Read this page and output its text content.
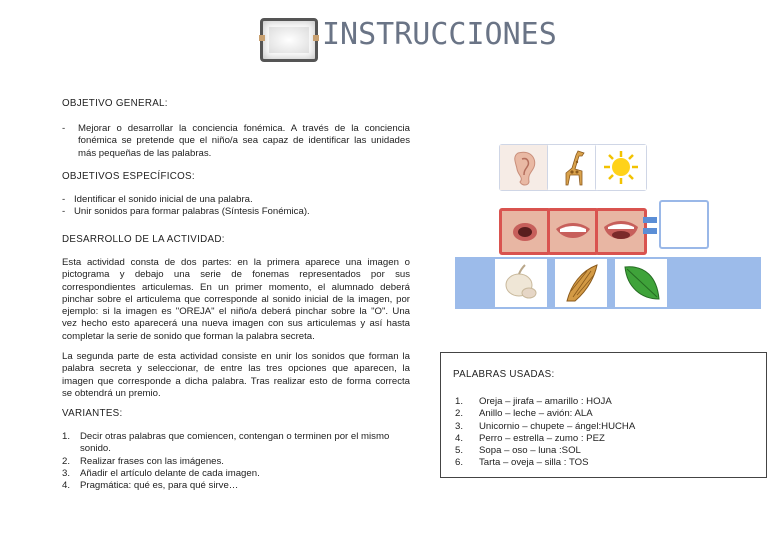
INSTRUCCIONES
OBJETIVO GENERAL:
- Mejorar o desarrollar la conciencia fonémica. A través de la conciencia
fonémica se pretende que el niño/a sea capaz de identificar las unidades
más pequeñas de las palabras.
OBJETIVOS ESPECÍFICOS:
- Identificar el sonido inicial de una palabra.
- Unir sonidos para formar palabras (Síntesis Fonémica).
DESARROLLO DE LA ACTIVIDAD:
Esta actividad consta de dos partes: en la primera aparece una imagen o
pictograma y debajo una serie de fonemas representados por sus
correspondientes articulemas. En un primer momento, el alumnado deberá
pinchar sobre el articulema que corresponde al sonido inicial de la imagen, por
ejemplo: si la imagen es "OREJA" el niño/a deberá pinchar sobre la "O". Una
vez hecho esto aparecerá una nueva imagen con sus articulemas y así hasta
completar la serie de sonido que forman la palabra secreta.
La segunda parte de esta actividad consiste en unir los sonidos que forman la
palabra secreta y seleccionar, de entre las tres opciones que aparecen, la
imagen que corresponde a dicha palabra. Tras realizar esto de forma correcta
se obtendrá un premio.
VARIANTES:
1. Decir otras palabras que comiencen, contengan o terminen por el mismo
sonido.
2. Realizar frases con las imágenes.
3. Añadir el artículo delante de cada imagen.
4. Pragmática: qué es, para qué sirve…
PALABRAS USADAS:
1. Oreja – jirafa – amarillo : HOJA
2. Anillo – leche – avión: ALA
3. Unicornio – chupete – ángel:HUCHA
4. Perro – estrella – zumo : PEZ
5. Sopa – oso – luna :SOL
6. Tarta – oveja – silla : TOS
